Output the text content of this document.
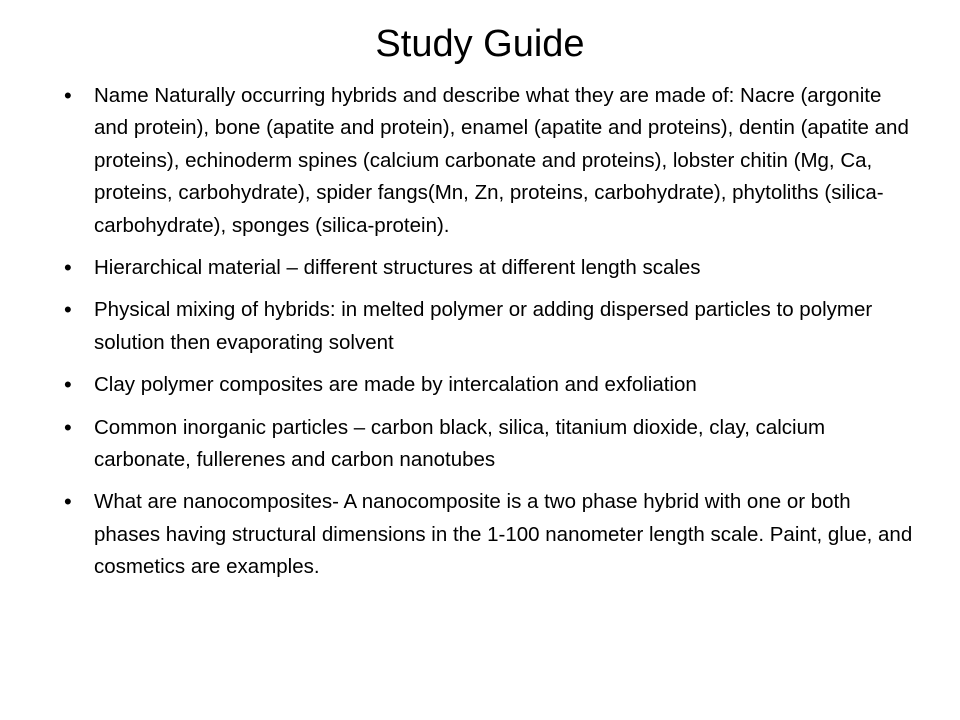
Study Guide
• Name Naturally occurring hybrids and describe what they are made of: Nacre (argonite and protein), bone (apatite and protein), enamel (apatite and proteins), dentin (apatite and proteins), echinoderm spines (calcium carbonate and proteins), lobster chitin (Mg, Ca, proteins, carbohydrate), spider fangs(Mn, Zn, proteins, carbohydrate), phytoliths (silica-carbohydrate), sponges (silica-protein).
• Hierarchical material – different structures at different length scales
• Physical mixing of hybrids: in melted polymer or adding dispersed particles to polymer solution then evaporating solvent
• Clay polymer composites are made by intercalation and exfoliation
• Common inorganic particles – carbon black, silica, titanium dioxide, clay, calcium carbonate, fullerenes and carbon nanotubes
• What are nanocomposites- A nanocomposite is a two phase hybrid with one or both phases having structural dimensions in the 1-100 nanometer length scale. Paint, glue, and cosmetics are examples.
